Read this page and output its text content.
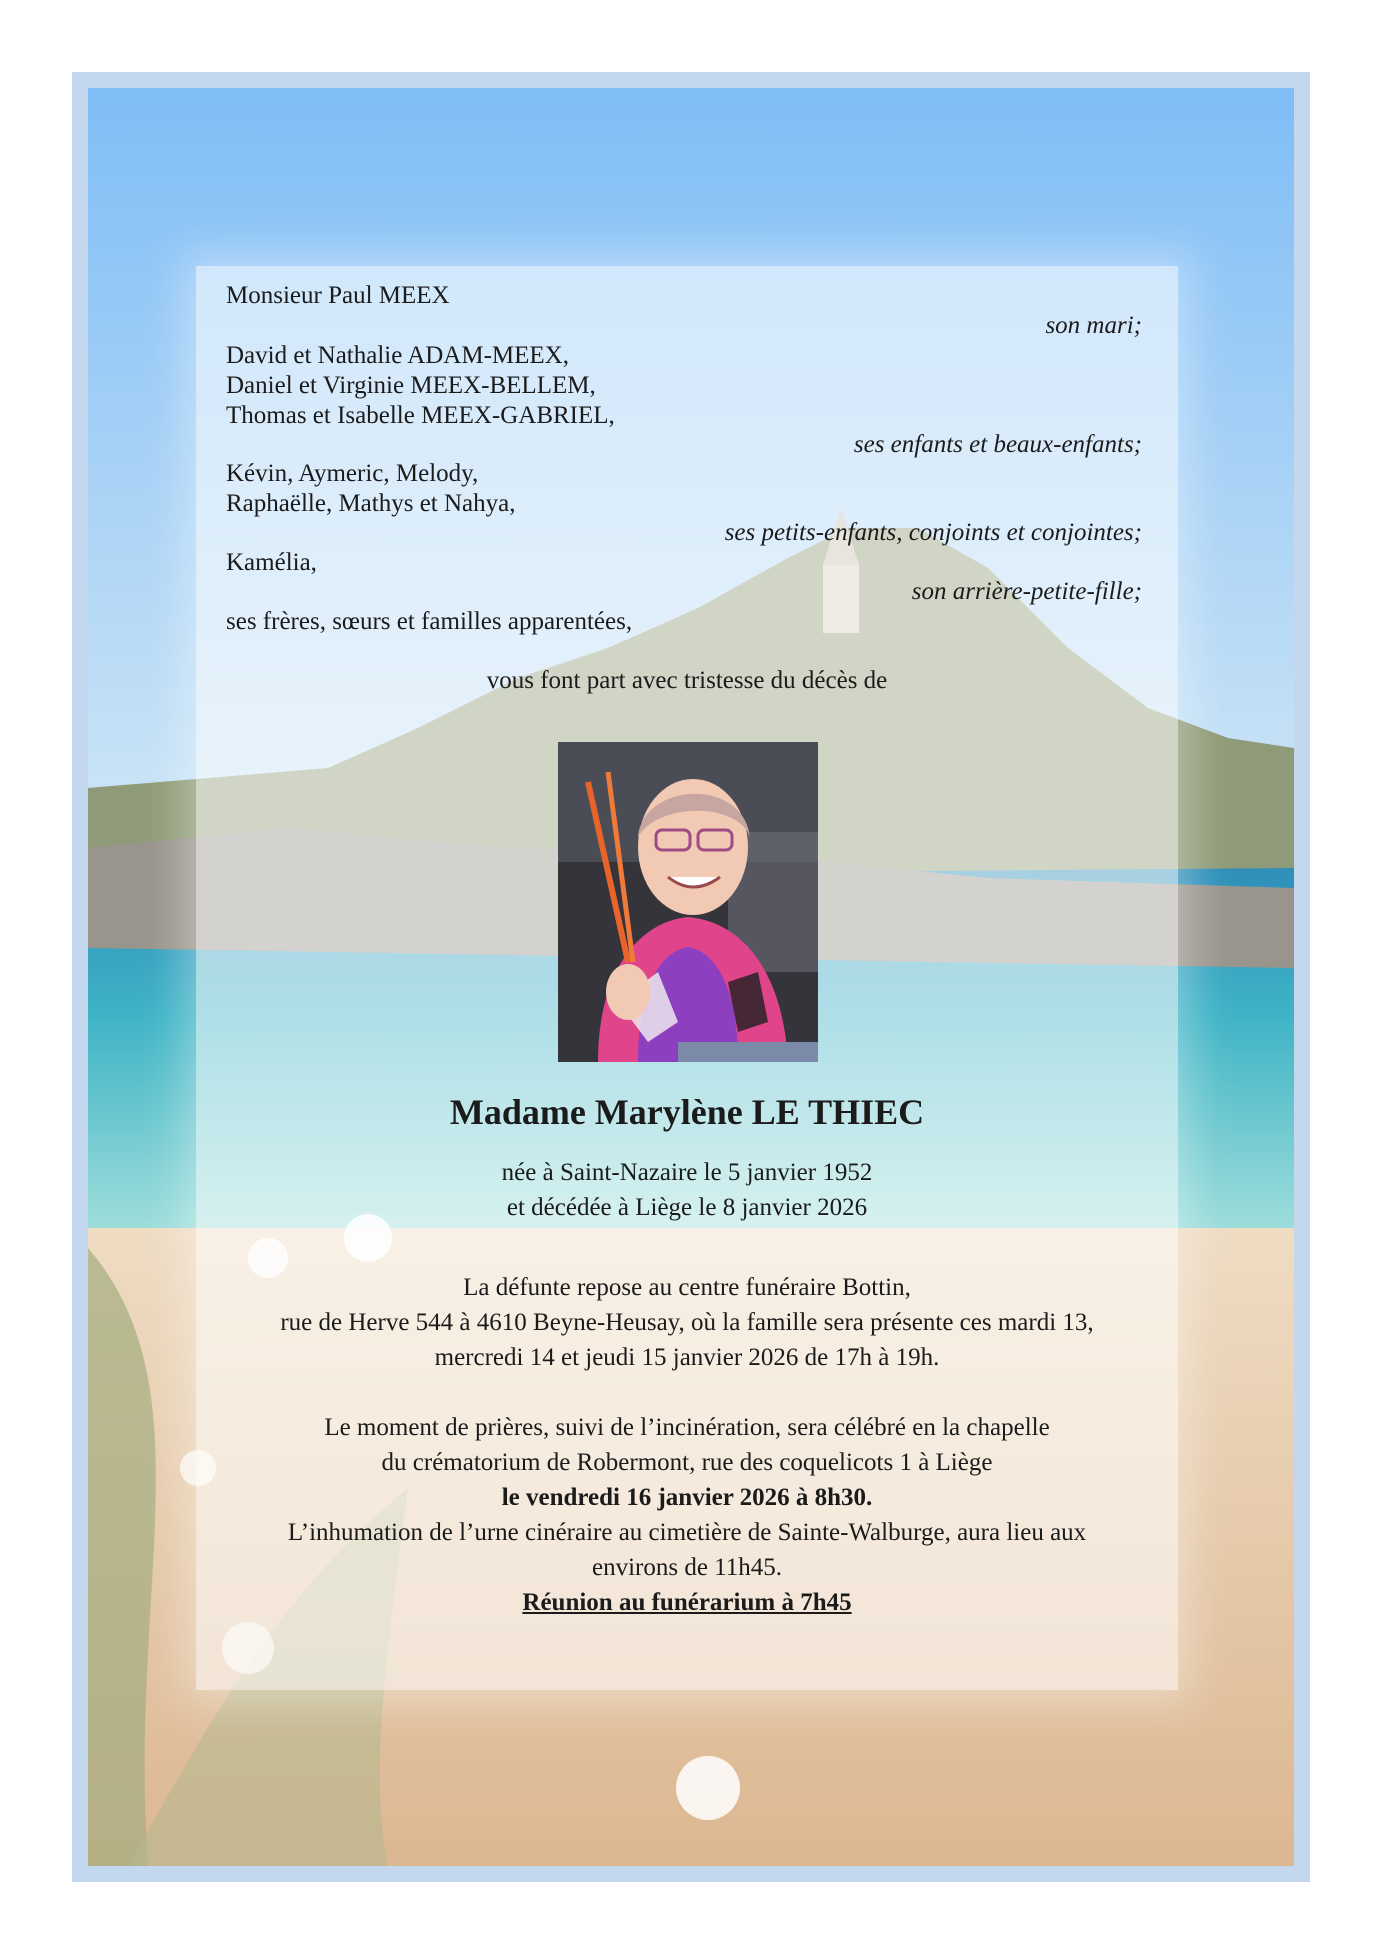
Monsieur Paul MEEX
son mari;
David et Nathalie ADAM-MEEX,
Daniel et Virginie MEEX-BELLEM,
Thomas et Isabelle MEEX-GABRIEL,
ses enfants et beaux-enfants;
Kévin, Aymeric, Melody,
Raphaëlle, Mathys et Nahya,
ses petits-enfants, conjoints et conjointes;
Kamélia,
son arrière-petite-fille;
ses frères, sœurs et familles apparentées,
vous font part avec tristesse du décès de
Madame Marylène LE THIEC
née à Saint-Nazaire le 5 janvier 1952
et décédée à Liège le 8 janvier 2026
La défunte repose au centre funéraire Bottin,
rue de Herve 544 à 4610 Beyne-Heusay, où la famille sera présente ces mardi 13,
mercredi 14 et jeudi 15 janvier 2026 de 17h à 19h.
Le moment de prières, suivi de l’incinération, sera célébré en la chapelle
du crématorium de Robermont, rue des coquelicots 1 à Liège
le vendredi 16 janvier 2026 à 8h30.
L’inhumation de l’urne cinéraire au cimetière de Sainte-Walburge, aura lieu aux
environs de 11h45.
Réunion au funérarium à 7h45
